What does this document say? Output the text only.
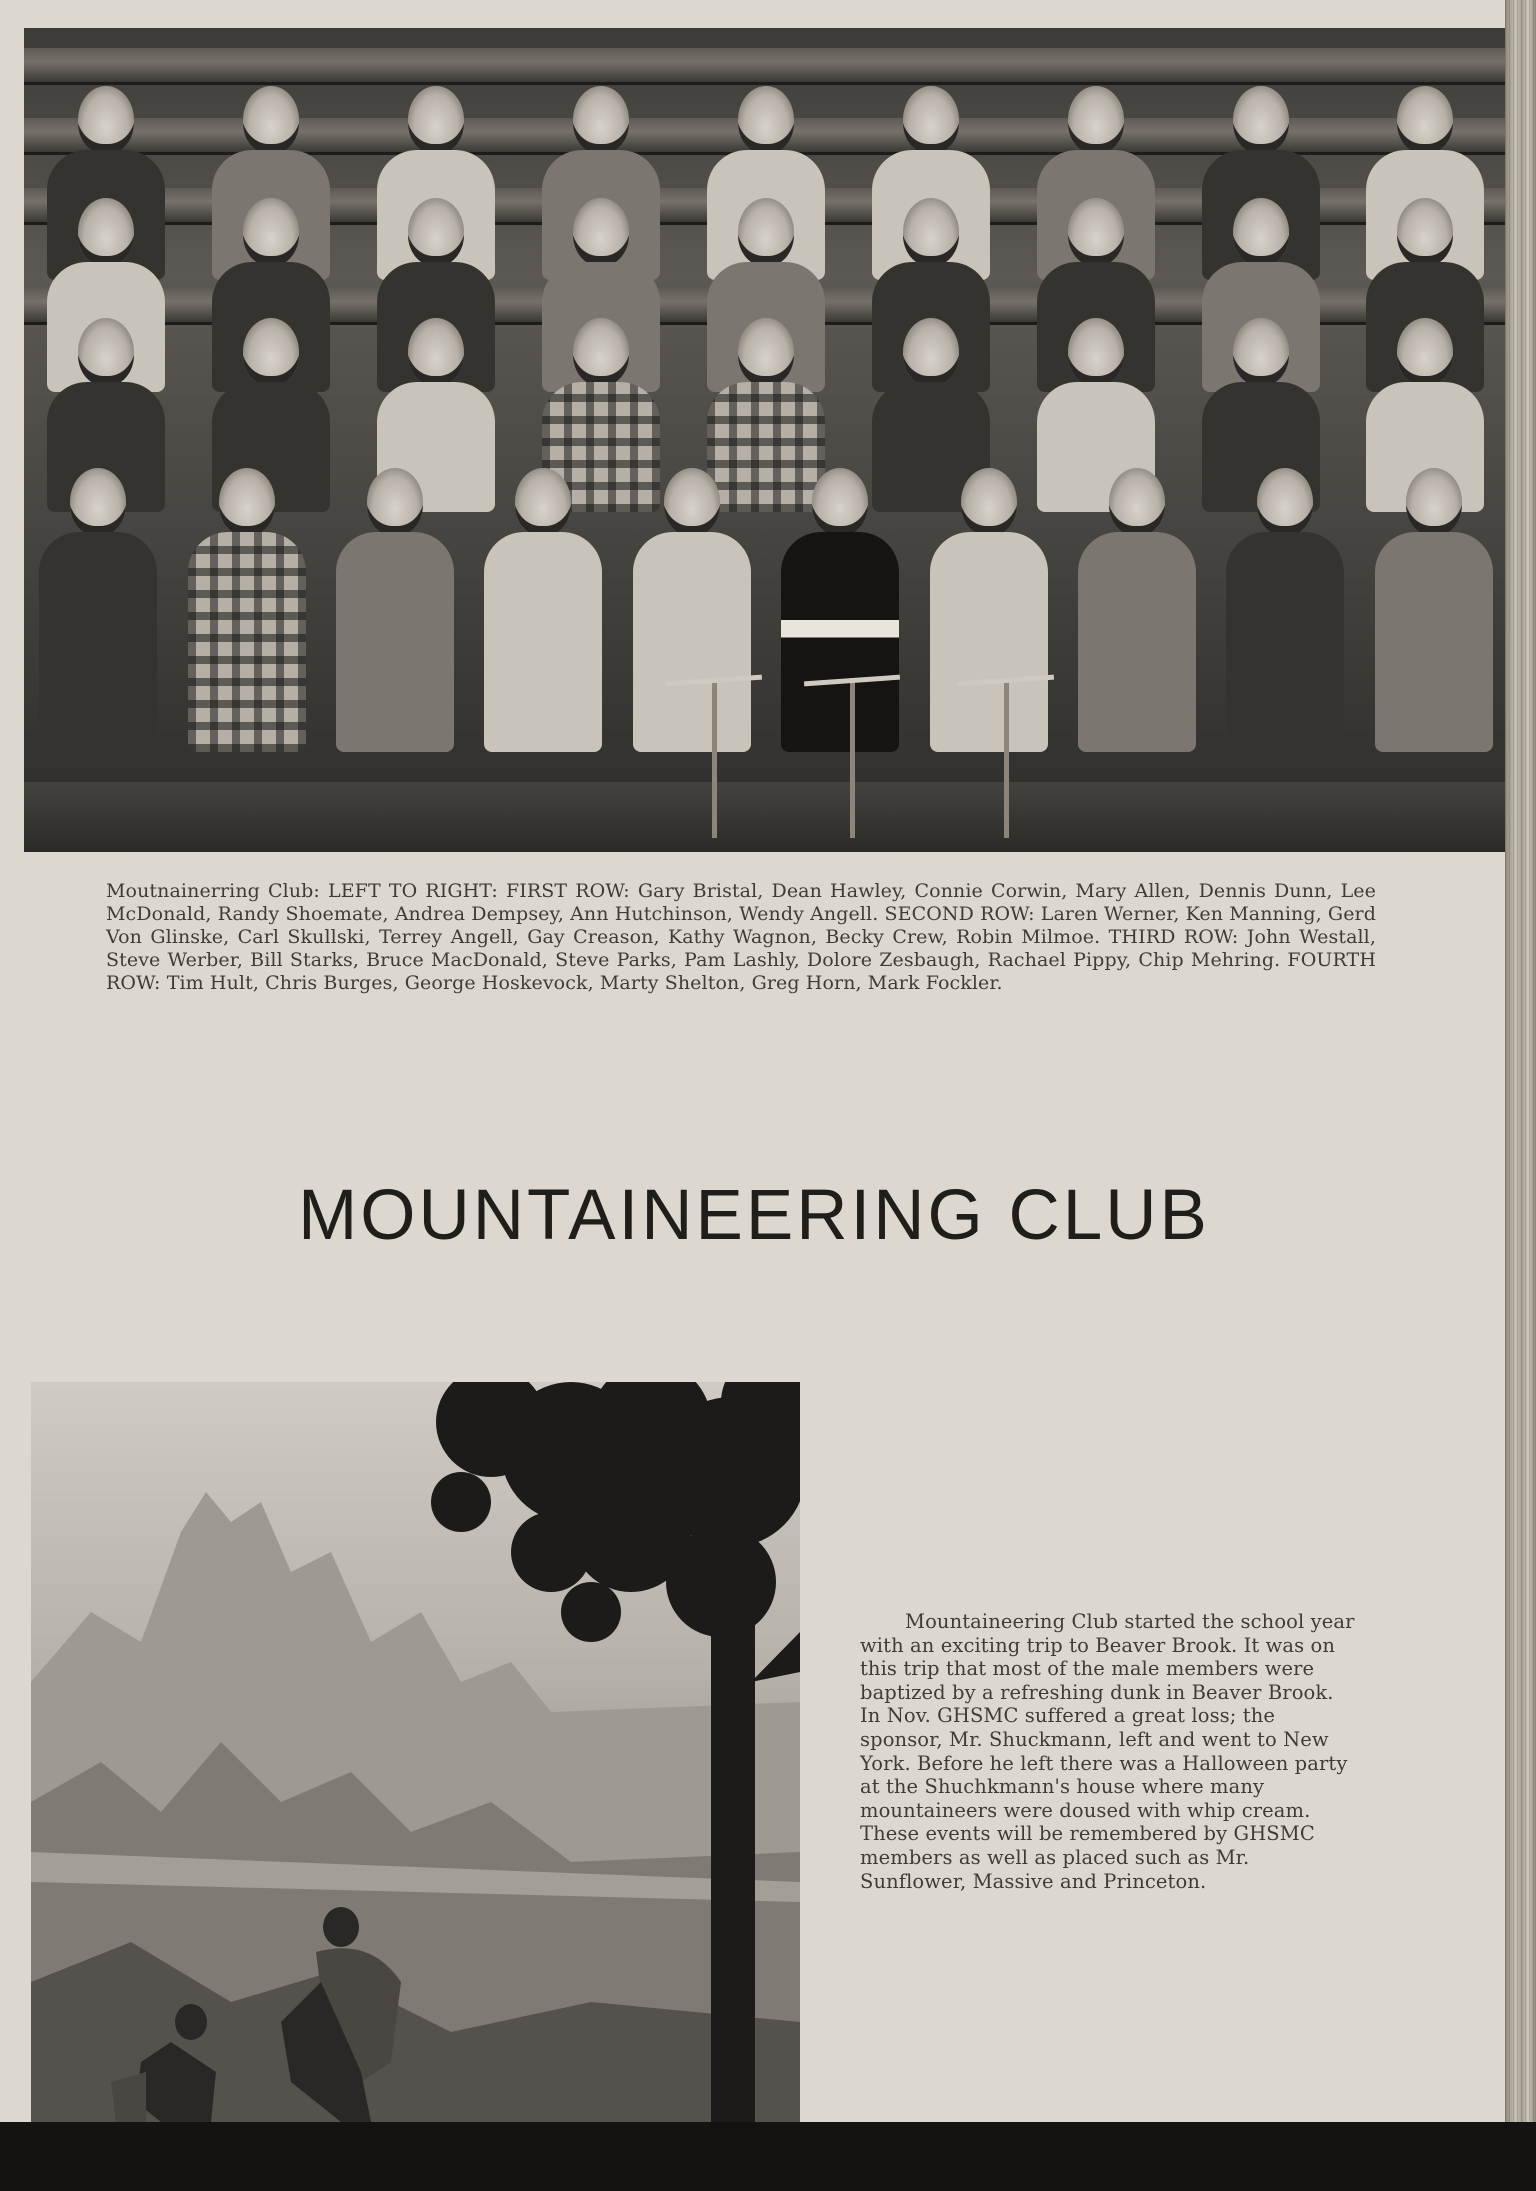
Moutnainerring Club: LEFT TO RIGHT: FIRST ROW: Gary Bristal, Dean Hawley, Connie Corwin, Mary Allen, Dennis Dunn, Lee McDonald, Randy Shoemate, Andrea Dempsey, Ann Hutchinson, Wendy Angell. SECOND ROW: Laren Werner, Ken Manning, Gerd Von Glinske, Carl Skullski, Terrey Angell, Gay Creason, Kathy Wagnon, Becky Crew, Robin Milmoe. THIRD ROW: John Westall, Steve Werber, Bill Starks, Bruce MacDonald, Steve Parks, Pam Lashly, Dolore Zesbaugh, Rachael Pippy, Chip Mehring. FOURTH ROW: Tim Hult, Chris Burges, George Hoskevock, Marty Shelton, Greg Horn, Mark Fockler.

MOUNTAINEERING CLUB

Mountaineering Club started the school year with an exciting trip to Beaver Brook. It was on this trip that most of the male members were baptized by a refreshing dunk in Beaver Brook. In Nov. GHSMC suffered a great loss; the sponsor, Mr. Shuckmann, left and went to New York. Before he left there was a Halloween party at the Shuchkmann's house where many mountaineers were doused with whip cream. These events will be remembered by GHSMC members as well as placed such as Mr. Sunflower, Massive and Princeton.
